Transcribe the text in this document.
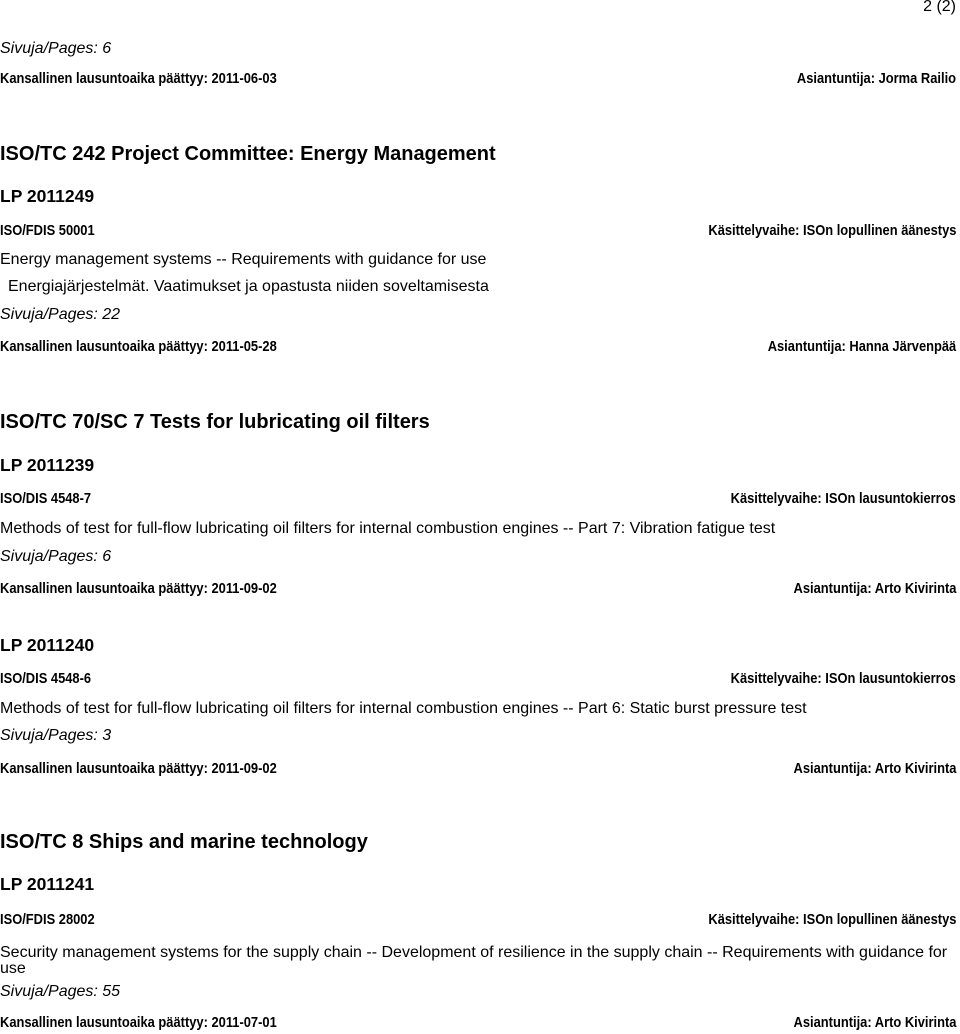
2 (2)
Sivuja/Pages: 6
Kansallinen lausuntoaika päättyy: 2011-06-03	Asiantuntija: Jorma Railio
ISO/TC 242 Project Committee: Energy Management
LP 2011249
ISO/FDIS 50001	Käsittelyvaihe: ISOn lopullinen äänestys
Energy management systems -- Requirements with guidance for use
Energiajärjestelmät. Vaatimukset ja opastusta niiden soveltamisesta
Sivuja/Pages: 22
Kansallinen lausuntoaika päättyy: 2011-05-28	Asiantuntija: Hanna Järvenpää
ISO/TC 70/SC 7 Tests for lubricating oil filters
LP 2011239
ISO/DIS 4548-7	Käsittelyvaihe: ISOn lausuntokierros
Methods of test for full-flow lubricating oil filters for internal combustion engines -- Part 7: Vibration fatigue test
Sivuja/Pages: 6
Kansallinen lausuntoaika päättyy: 2011-09-02	Asiantuntija: Arto Kivirinta
LP 2011240
ISO/DIS 4548-6	Käsittelyvaihe: ISOn lausuntokierros
Methods of test for full-flow lubricating oil filters for internal combustion engines -- Part 6: Static burst pressure test
Sivuja/Pages: 3
Kansallinen lausuntoaika päättyy: 2011-09-02	Asiantuntija: Arto Kivirinta
ISO/TC 8 Ships and marine technology
LP 2011241
ISO/FDIS 28002	Käsittelyvaihe: ISOn lopullinen äänestys
Security management systems for the supply chain -- Development of resilience in the supply chain -- Requirements with guidance for use
Sivuja/Pages: 55
Kansallinen lausuntoaika päättyy: 2011-07-01	Asiantuntija: Arto Kivirinta
